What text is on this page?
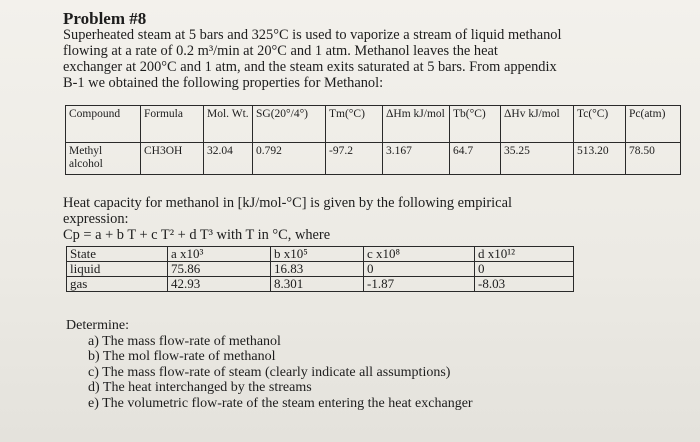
Problem #8
Superheated steam at 5 bars and 325°C is used to vaporize a stream of liquid methanol
flowing at a rate of 0.2 m³/min at 20°C and 1 atm. Methanol leaves the heat
exchanger at 200°C and 1 atm, and the steam exits saturated at 5 bars. From appendix
B-1 we obtained the following properties for Methanol:
Compound	Formula	Mol. Wt.	SG(20°/4°)	Tm(°C)	ΔHm kJ/mol	Tb(°C)	ΔHv kJ/mol	Tc(°C)	Pc(atm)
Methyl alcohol	CH3OH	32.04	0.792	-97.2	3.167	64.7	35.25	513.20	78.50
Heat capacity for methanol in [kJ/mol-°C] is given by the following empirical
expression:
Cp = a + b T + c T² + d T³ with T in °C, where
State	a x10³	b x10⁵	c x10⁸	d x10¹²
liquid	75.86	16.83	0	0
gas	42.93	8.301	-1.87	-8.03
Determine:
a) The mass flow-rate of methanol
b) The mol flow-rate of methanol
c) The mass flow-rate of steam (clearly indicate all assumptions)
d) The heat interchanged by the streams
e) The volumetric flow-rate of the steam entering the heat exchanger
